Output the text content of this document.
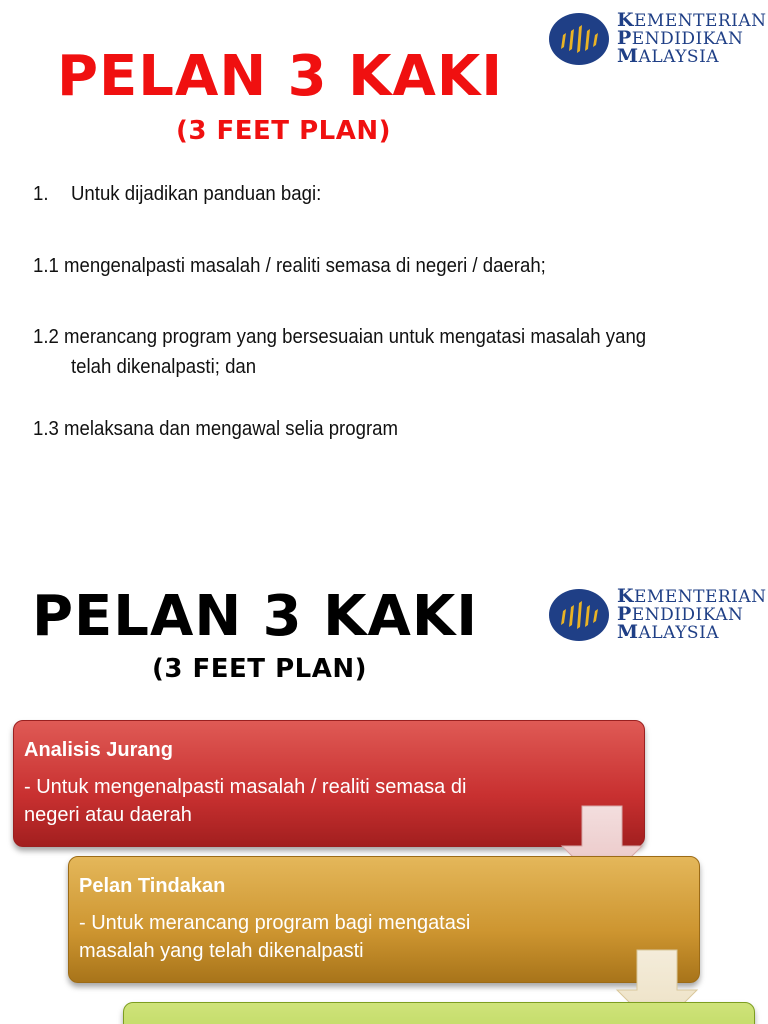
PELAN 3 KAKI
(3 FEET PLAN)
KEMENTERIAN
PENDIDIKAN
MALAYSIA
1. Untuk dijadikan panduan bagi:
1.1 mengenalpasti masalah / realiti semasa di negeri / daerah;
1.2 merancang program yang bersesuaian untuk mengatasi masalah yang
telah dikenalpasti; dan
1.3 melaksana dan mengawal selia program
PELAN 3 KAKI
(3 FEET PLAN)
KEMENTERIAN
PENDIDIKAN
MALAYSIA
Analisis Jurang
- Untuk mengenalpasti masalah / realiti semasa di
negeri atau daerah
Pelan Tindakan
- Untuk merancang program bagi mengatasi
masalah yang telah dikenalpasti
